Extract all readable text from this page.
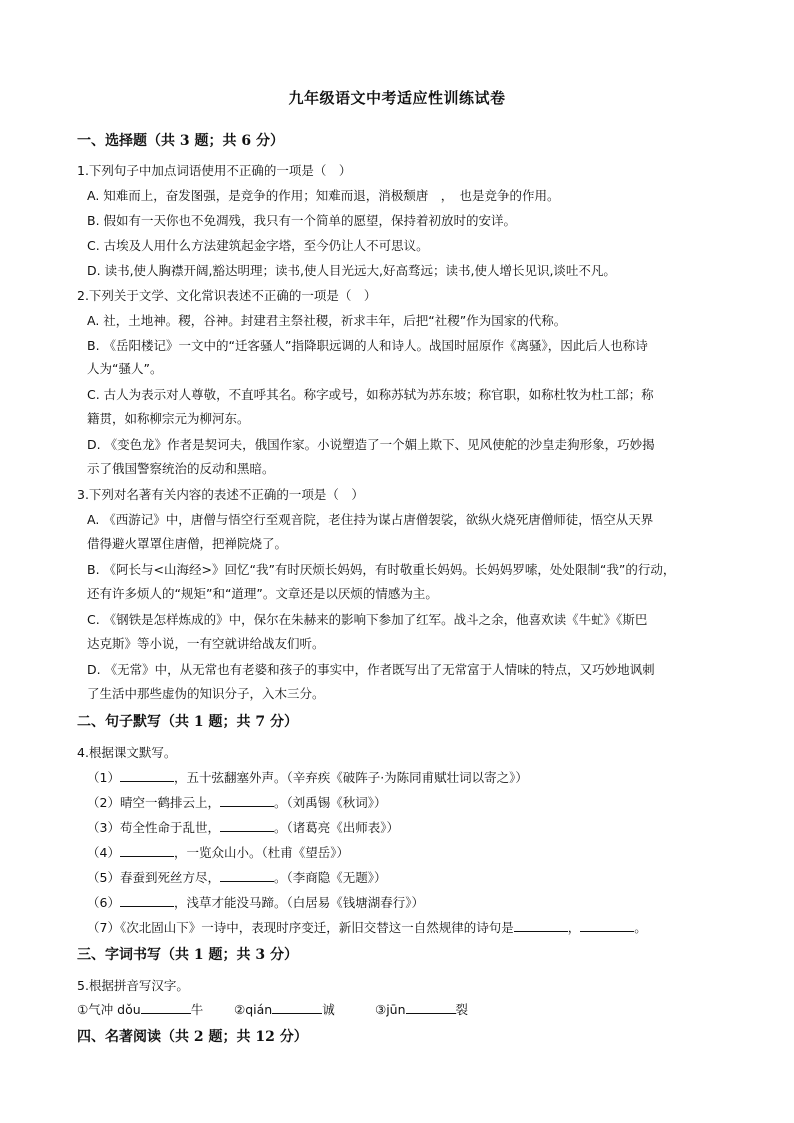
九年级语文中考适应性训练试卷
一、选择题（共 3 题；共 6 分）
1.下列句子中加点词语使用不正确的一项是（　）
A. 知难而上，奋发图强，是竞争的作用；知难而退，消极颓唐　，　也是竞争的作用。
B. 假如有一天你也不免凋残，我只有一个简单的愿望，保持着初放时的安详。
C. 古埃及人用什么方法建筑起金字塔，至今仍让人不可思议。
D. 读书,使人胸襟开阔,豁达明理；读书,使人目光远大,好高骛远；读书,使人增长见识,谈吐不凡。
2.下列关于文学、文化常识表述不正确的一项是（　）
A. 社，土地神。稷，谷神。封建君主祭社稷，祈求丰年，后把“社稷”作为国家的代称。
B. 《岳阳楼记》一文中的“迁客骚人”指降职远调的人和诗人。战国时屈原作《离骚》，因此后人也称诗
人为“骚人”。
C. 古人为表示对人尊敬，不直呼其名。称字或号，如称苏轼为苏东坡；称官职，如称杜牧为杜工部；称
籍贯，如称柳宗元为柳河东。
D. 《变色龙》作者是契诃夫，俄国作家。小说塑造了一个媚上欺下、见风使舵的沙皇走狗形象，巧妙揭
示了俄国警察统治的反动和黑暗。
3.下列对名著有关内容的表述不正确的一项是（　）
A. 《西游记》中，唐僧与悟空行至观音院，老住持为谋占唐僧袈裟，欲纵火烧死唐僧师徒，悟空从天界
借得避火罩罩住唐僧，把禅院烧了。
B. 《阿长与<山海经>》回忆“我”有时厌烦长妈妈，有时敬重长妈妈。长妈妈罗嗦，处处限制“我”的行动，
还有许多烦人的“规矩”和“道理”。文章还是以厌烦的情感为主。
C. 《钢铁是怎样炼成的》中，保尔在朱赫来的影响下参加了红军。战斗之余，他喜欢读《牛虻》《斯巴
达克斯》等小说，一有空就讲给战友们听。
D. 《无常》中，从无常也有老婆和孩子的事实中，作者既写出了无常富于人情味的特点，又巧妙地讽刺
了生活中那些虚伪的知识分子，入木三分。
二、句子默写（共 1 题；共 7 分）
4.根据课文默写。
（1）	，五十弦翻塞外声。（辛弃疾《破阵子·为陈同甫赋壮词以寄之》）
（2）晴空一鹤排云上，	。（刘禹锡《秋词》）
（3）苟全性命于乱世，	。（诸葛亮《出师表》）
（4）	，一览众山小。（杜甫《望岳》）
（5）春蚕到死丝方尽，	。（李商隐《无题》）
（6）	，浅草才能没马蹄。（白居易《钱塘湖春行》）
（7）《次北固山下》一诗中，表现时序变迁，新旧交替这一自然规律的诗句是	，	。
三、字词书写（共 1 题；共 3 分）
5.根据拼音写汉字。
①气冲 dǒu	牛 ②qián	诚	③jūn	裂
四、名著阅读（共 2 题；共 12 分）
